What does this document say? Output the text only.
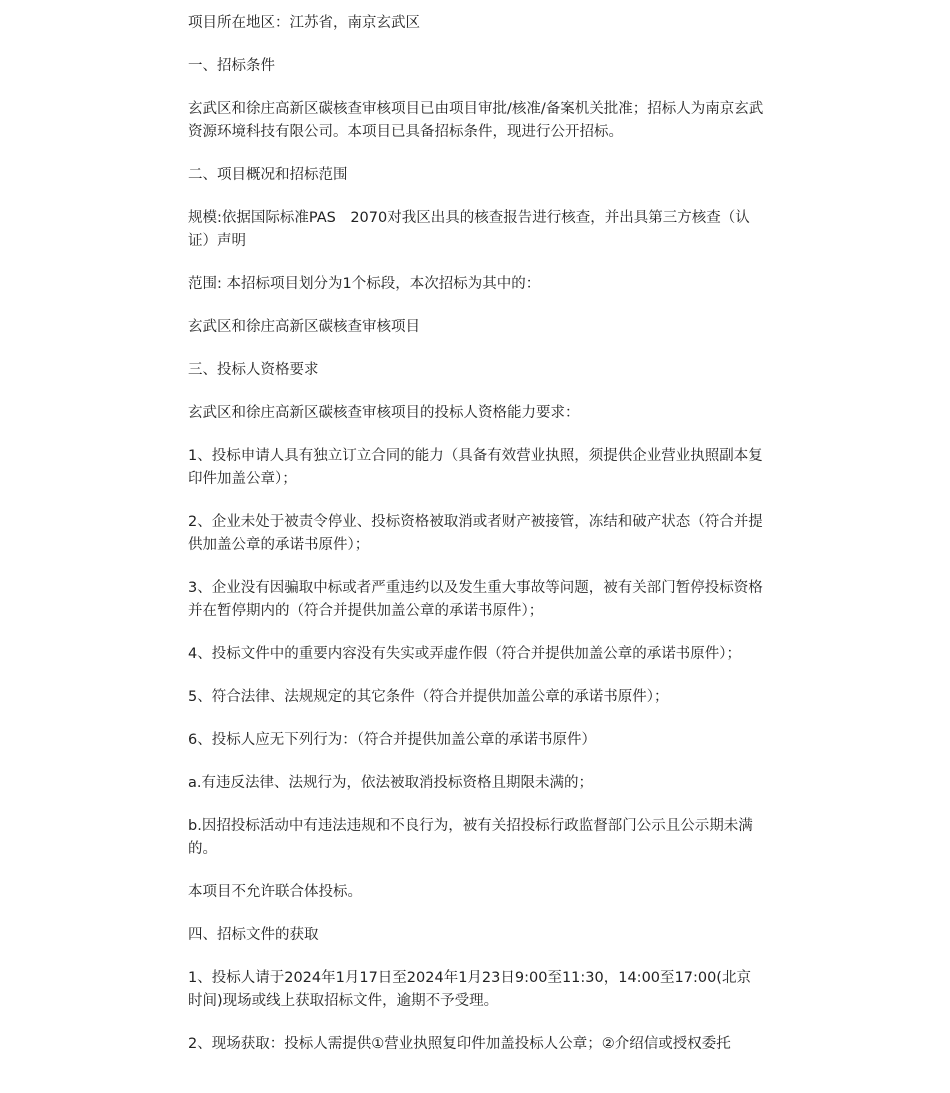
项目所在地区：江苏省，南京玄武区

一、招标条件

玄武区和徐庄高新区碳核查审核项目已由项目审批/核准/备案机关批准；招标人为南京玄武资源环境科技有限公司。本项目已具备招标条件，现进行公开招标。

二、项目概况和招标范围

规模:依据国际标准PAS　2070对我区出具的核查报告进行核查，并出具第三方核查（认证）声明

范围: 本招标项目划分为1个标段，本次招标为其中的：

玄武区和徐庄高新区碳核查审核项目

三、投标人资格要求

玄武区和徐庄高新区碳核查审核项目的投标人资格能力要求：

1、投标申请人具有独立订立合同的能力（具备有效营业执照，须提供企业营业执照副本复印件加盖公章）；

2、企业未处于被责令停业、投标资格被取消或者财产被接管，冻结和破产状态（符合并提供加盖公章的承诺书原件）；

3、企业没有因骗取中标或者严重违约以及发生重大事故等问题，被有关部门暂停投标资格并在暂停期内的（符合并提供加盖公章的承诺书原件）；

4、投标文件中的重要内容没有失实或弄虚作假（符合并提供加盖公章的承诺书原件）；

5、符合法律、法规规定的其它条件（符合并提供加盖公章的承诺书原件）；

6、投标人应无下列行为：（符合并提供加盖公章的承诺书原件）

a.有违反法律、法规行为，依法被取消投标资格且期限未满的；

b.因招投标活动中有违法违规和不良行为，被有关招投标行政监督部门公示且公示期未满的。

本项目不允许联合体投标。

四、招标文件的获取

1、投标人请于2024年1月17日至2024年1月23日9:00至11:30，14:00至17:00(北京时间)现场或线上获取招标文件，逾期不予受理。

2、现场获取：投标人需提供①营业执照复印件加盖投标人公章；②介绍信或授权委托
